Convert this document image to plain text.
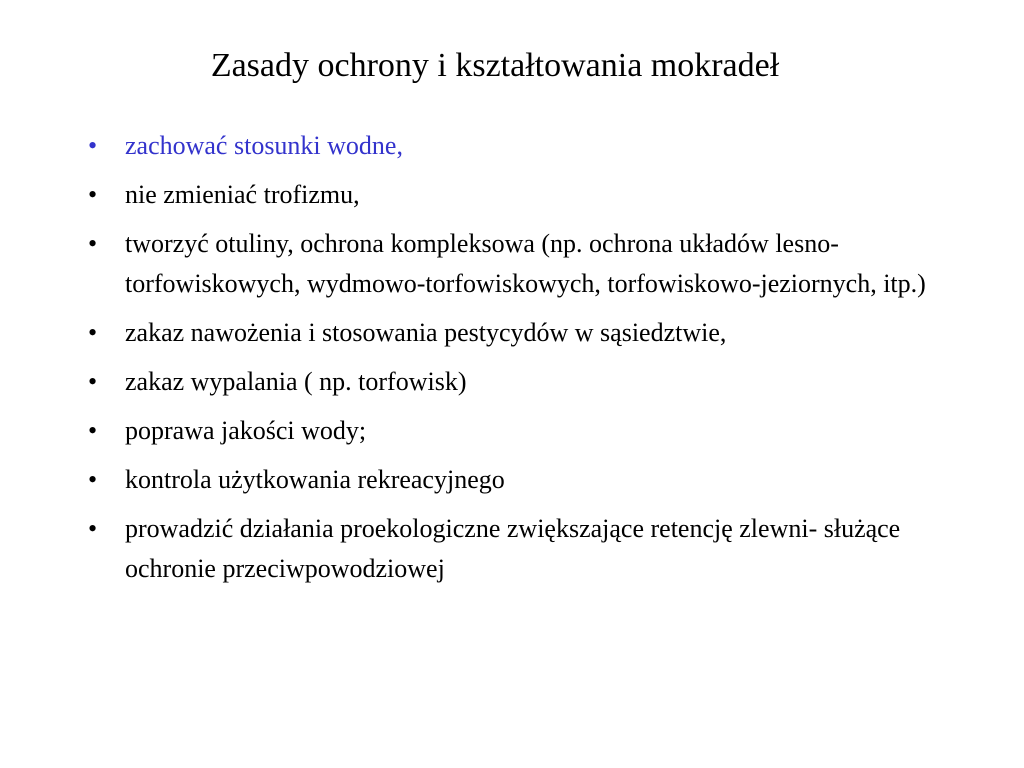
Zasady ochrony i kształtowania mokradeł
• zachować stosunki wodne,
• nie zmieniać trofizmu,
• tworzyć otuliny, ochrona kompleksowa (np. ochrona układów lesno-torfowiskowych, wydmowo-torfowiskowych, torfowiskowo-jeziornych, itp.)
• zakaz nawożenia i stosowania pestycydów w sąsiedztwie,
• zakaz wypalania ( np. torfowisk)
• poprawa jakości wody;
• kontrola użytkowania rekreacyjnego
• prowadzić działania proekologiczne zwiększające retencję zlewni- służące ochronie przeciwpowodziowej
